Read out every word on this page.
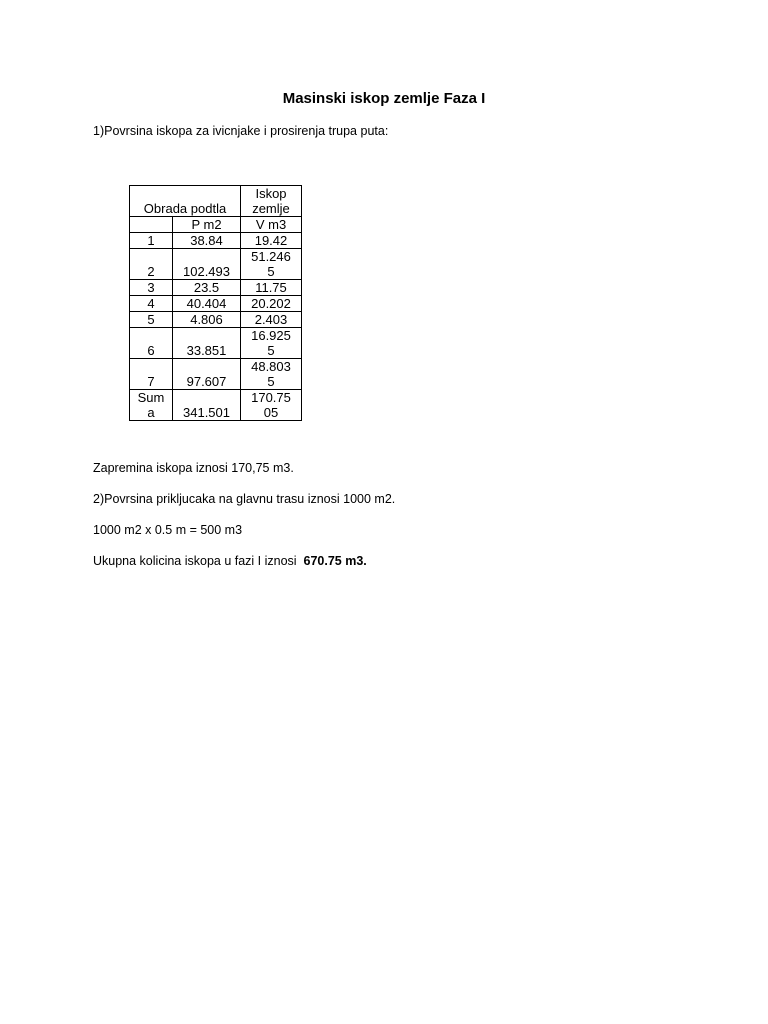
Masinski iskop zemlje Faza I
1)Povrsina iskopa za ivicnjake i prosirenja trupa puta:
Obrada podtla		Iskop zemlje
	P m2	V m3
1	38.84	19.42
2	102.493	51.2465
3	23.5	11.75
4	40.404	20.202
5	4.806	2.403
6	33.851	16.9255
7	97.607	48.8035
Suma	341.501	170.7505
Zapremina iskopa iznosi 170,75 m3.
2)Povrsina prikljucaka na glavnu trasu iznosi 1000 m2.
1000 m2 x 0.5 m = 500 m3
Ukupna kolicina iskopa u fazi I iznosi 670.75 m3.
